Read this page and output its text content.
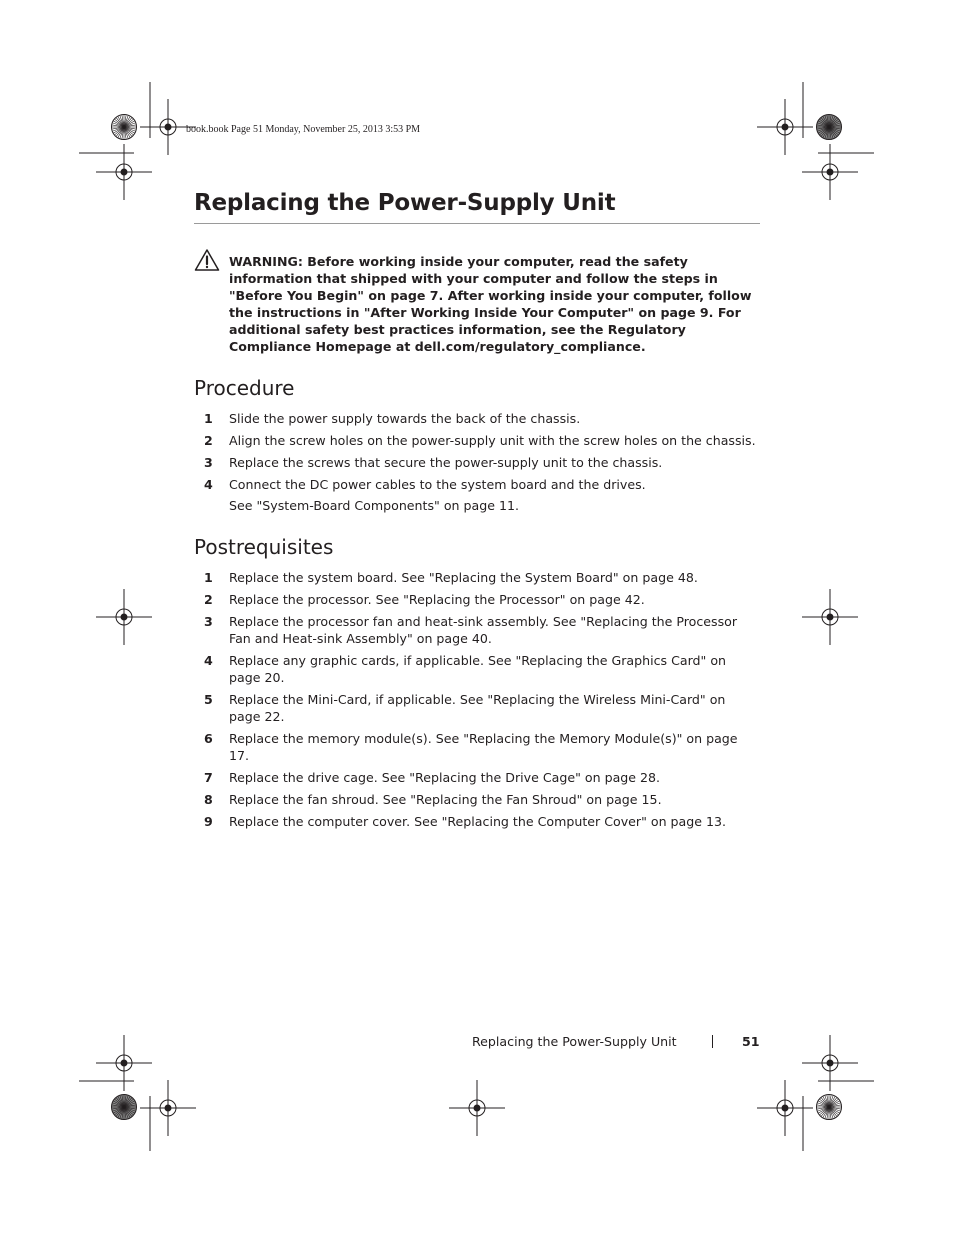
book.book Page 51 Monday, November 25, 2013 3:53 PM
Replacing the Power-Supply Unit

WARNING: Before working inside your computer, read the safety information that shipped with your computer and follow the steps in "Before You Begin" on page 7. After working inside your computer, follow the instructions in "After Working Inside Your Computer" on page 9. For additional safety best practices information, see the Regulatory Compliance Homepage at dell.com/regulatory_compliance.

Procedure
1 Slide the power supply towards the back of the chassis.
2 Align the screw holes on the power-supply unit with the screw holes on the chassis.
3 Replace the screws that secure the power-supply unit to the chassis.
4 Connect the DC power cables to the system board and the drives.

See "System-Board Components" on page 11.

Postrequisites
1 Replace the system board. See "Replacing the System Board" on page 48.
2 Replace the processor. See "Replacing the Processor" on page 42.
3 Replace the processor fan and heat-sink assembly. See "Replacing the Processor Fan and Heat-sink Assembly" on page 40.
4 Replace any graphic cards, if applicable. See "Replacing the Graphics Card" on page 20.
5 Replace the Mini-Card, if applicable. See "Replacing the Wireless Mini-Card" on page 22.
6 Replace the memory module(s). See "Replacing the Memory Module(s)" on page 17.
7 Replace the drive cage. See "Replacing the Drive Cage" on page 28.
8 Replace the fan shroud. See "Replacing the Fan Shroud" on page 15.
9 Replace the computer cover. See "Replacing the Computer Cover" on page 13.
Replacing the Power-Supply Unit	51
